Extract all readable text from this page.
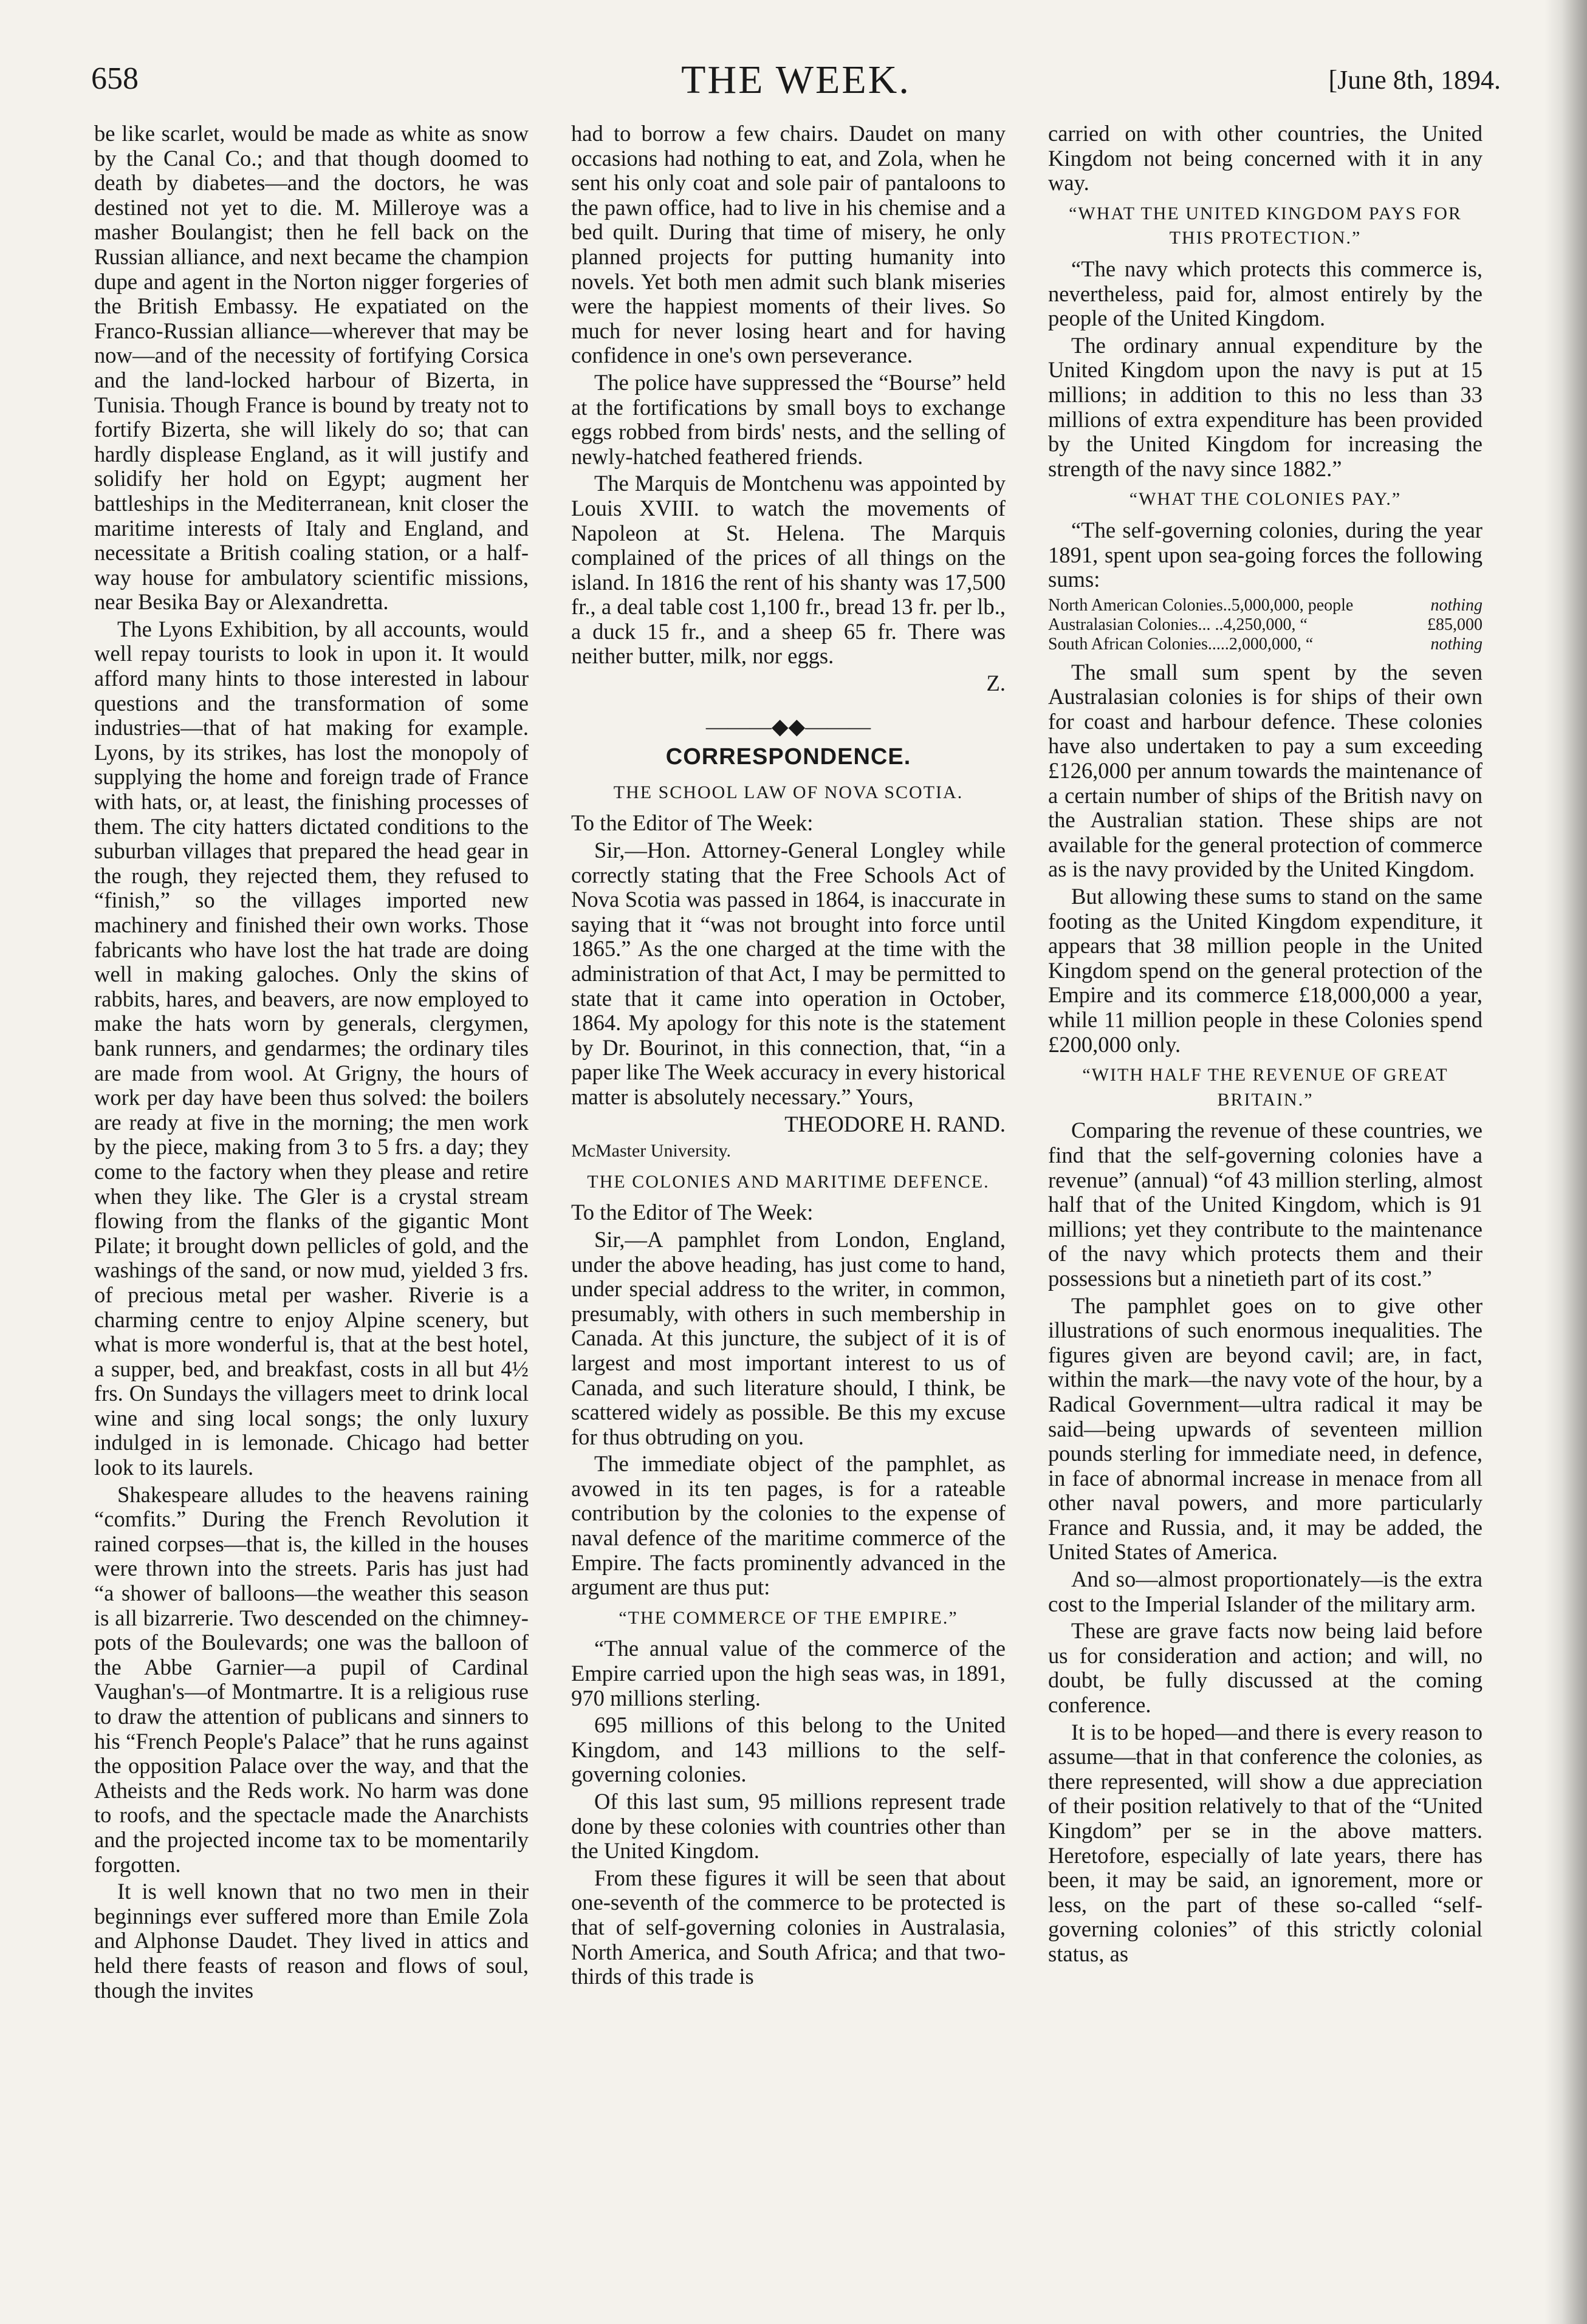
658	THE WEEK.	[June 8th, 1894.

be like scarlet, would be made as white as snow by the Canal Co.; and that though doomed to death by diabetes—and the doctors, he was destined not yet to die. M. Milleroye was a masher Boulangist; then he fell back on the Russian alliance, and next became the champion dupe and agent in the Norton nigger forgeries of the British Embassy. He expatiated on the Franco-Russian alliance—wherever that may be now—and of the necessity of fortifying Corsica and the land-locked harbour of Bizerta, in Tunisia. Though France is bound by treaty not to fortify Bizerta, she will likely do so; that can hardly displease England, as it will justify and solidify her hold on Egypt; augment her battleships in the Mediterranean, knit closer the maritime interests of Italy and England, and necessitate a British coaling station, or a half-way house for ambulatory scientific missions, near Besika Bay or Alexandretta.

The Lyons Exhibition, by all accounts, would well repay tourists to look in upon it. It would afford many hints to those interested in labour questions and the transformation of some industries—that of hat making for example. Lyons, by its strikes, has lost the monopoly of supplying the home and foreign trade of France with hats, or, at least, the finishing processes of them. The city hatters dictated conditions to the suburban villages that prepared the head gear in the rough, they rejected them, they refused to “finish,” so the villages imported new machinery and finished their own works. Those fabricants who have lost the hat trade are doing well in making galoches. Only the skins of rabbits, hares, and beavers, are now employed to make the hats worn by generals, clergymen, bank runners, and gendarmes; the ordinary tiles are made from wool. At Grigny, the hours of work per day have been thus solved: the boilers are ready at five in the morning; the men work by the piece, making from 3 to 5 frs. a day; they come to the factory when they please and retire when they like. The Gler is a crystal stream flowing from the flanks of the gigantic Mont Pilate; it brought down pellicles of gold, and the washings of the sand, or now mud, yielded 3 frs. of precious metal per washer. Riverie is a charming centre to enjoy Alpine scenery, but what is more wonderful is, that at the best hotel, a supper, bed, and breakfast, costs in all but 4½ frs. On Sundays the villagers meet to drink local wine and sing local songs; the only luxury indulged in is lemonade. Chicago had better look to its laurels.

Shakespeare alludes to the heavens raining “comfits.” During the French Revolution it rained corpses—that is, the killed in the houses were thrown into the streets. Paris has just had “a shower of balloons—the weather this season is all bizarrerie. Two descended on the chimney-pots of the Boulevards; one was the balloon of the Abbe Garnier—a pupil of Cardinal Vaughan's—of Montmartre. It is a religious ruse to draw the attention of publicans and sinners to his “French People's Palace” that he runs against the opposition Palace over the way, and that the Atheists and the Reds work. No harm was done to roofs, and the spectacle made the Anarchists and the projected income tax to be momentarily forgotten.

It is well known that no two men in their beginnings ever suffered more than Emile Zola and Alphonse Daudet. They lived in attics and held there feasts of reason and flows of soul, though the invites

had to borrow a few chairs. Daudet on many occasions had nothing to eat, and Zola, when he sent his only coat and sole pair of pantaloons to the pawn office, had to live in his chemise and a bed quilt. During that time of misery, he only planned projects for putting humanity into novels. Yet both men admit such blank miseries were the happiest moments of their lives. So much for never losing heart and for having confidence in one's own perseverance.

The police have suppressed the “Bourse” held at the fortifications by small boys to exchange eggs robbed from birds' nests, and the selling of newly-hatched feathered friends.

The Marquis de Montchenu was appointed by Louis XVIII. to watch the movements of Napoleon at St. Helena. The Marquis complained of the prices of all things on the island. In 1816 the rent of his shanty was 17,500 fr., a deal table cost 1,100 fr., bread 13 fr. per lb., a duck 15 fr., and a sheep 65 fr. There was neither butter, milk, nor eggs.

Z.

———◆◆———
CORRESPONDENCE.
THE SCHOOL LAW OF NOVA SCOTIA.

To the Editor of The Week:

Sir,—Hon. Attorney-General Longley while correctly stating that the Free Schools Act of Nova Scotia was passed in 1864, is inaccurate in saying that it “was not brought into force until 1865.” As the one charged at the time with the administration of that Act, I may be permitted to state that it came into operation in October, 1864. My apology for this note is the statement by Dr. Bourinot, in this connection, that, “in a paper like The Week accuracy in every historical matter is absolutely necessary.” Yours,

THEODORE H. RAND.

McMaster University.

THE COLONIES AND MARITIME DEFENCE.

To the Editor of The Week:

Sir,—A pamphlet from London, England, under the above heading, has just come to hand, under special address to the writer, in common, presumably, with others in such membership in Canada. At this juncture, the subject of it is of largest and most important interest to us of Canada, and such literature should, I think, be scattered widely as possible. Be this my excuse for thus obtruding on you.

The immediate object of the pamphlet, as avowed in its ten pages, is for a rateable contribution by the colonies to the expense of naval defence of the maritime commerce of the Empire. The facts prominently advanced in the argument are thus put:

“THE COMMERCE OF THE EMPIRE.”

“The annual value of the commerce of the Empire carried upon the high seas was, in 1891, 970 millions sterling.

695 millions of this belong to the United Kingdom, and 143 millions to the self-governing colonies.

Of this last sum, 95 millions represent trade done by these colonies with countries other than the United Kingdom.

From these figures it will be seen that about one-seventh of the commerce to be protected is that of self-governing colonies in Australasia, North America, and South Africa; and that two-thirds of this trade is

carried on with other countries, the United Kingdom not being concerned with it in any way.

“WHAT THE UNITED KINGDOM PAYS FOR THIS PROTECTION.”

“The navy which protects this commerce is, nevertheless, paid for, almost entirely by the people of the United Kingdom.

The ordinary annual expenditure by the United Kingdom upon the navy is put at 15 millions; in addition to this no less than 33 millions of extra expenditure has been provided by the United Kingdom for increasing the strength of the navy since 1882.”

“WHAT THE COLONIES PAY.”

“The self-governing colonies, during the year 1891, spent upon sea-going forces the following sums:

North American Colonies..5,000,000, people	nothing
Australasian Colonies... ..4,250,000, “	£85,000
South African Colonies.....2,000,000, “	nothing

The small sum spent by the seven Australasian colonies is for ships of their own for coast and harbour defence. These colonies have also undertaken to pay a sum exceeding £126,000 per annum towards the maintenance of a certain number of ships of the British navy on the Australian station. These ships are not available for the general protection of commerce as is the navy provided by the United Kingdom.

But allowing these sums to stand on the same footing as the United Kingdom expenditure, it appears that 38 million people in the United Kingdom spend on the general protection of the Empire and its commerce £18,000,000 a year, while 11 million people in these Colonies spend £200,000 only.

“WITH HALF THE REVENUE OF GREAT BRITAIN.”

Comparing the revenue of these countries, we find that the self-governing colonies have a revenue” (annual) “of 43 million sterling, almost half that of the United Kingdom, which is 91 millions; yet they contribute to the maintenance of the navy which protects them and their possessions but a ninetieth part of its cost.”

The pamphlet goes on to give other illustrations of such enormous inequalities. The figures given are beyond cavil; are, in fact, within the mark—the navy vote of the hour, by a Radical Government—ultra radical it may be said—being upwards of seventeen million pounds sterling for immediate need, in defence, in face of abnormal increase in menace from all other naval powers, and more particularly France and Russia, and, it may be added, the United States of America.

And so—almost proportionately—is the extra cost to the Imperial Islander of the military arm.

These are grave facts now being laid before us for consideration and action; and will, no doubt, be fully discussed at the coming conference.

It is to be hoped—and there is every reason to assume—that in that conference the colonies, as there represented, will show a due appreciation of their position relatively to that of the “United Kingdom” per se in the above matters. Heretofore, especially of late years, there has been, it may be said, an ignorement, more or less, on the part of these so-called “self-governing colonies” of this strictly colonial status, as
